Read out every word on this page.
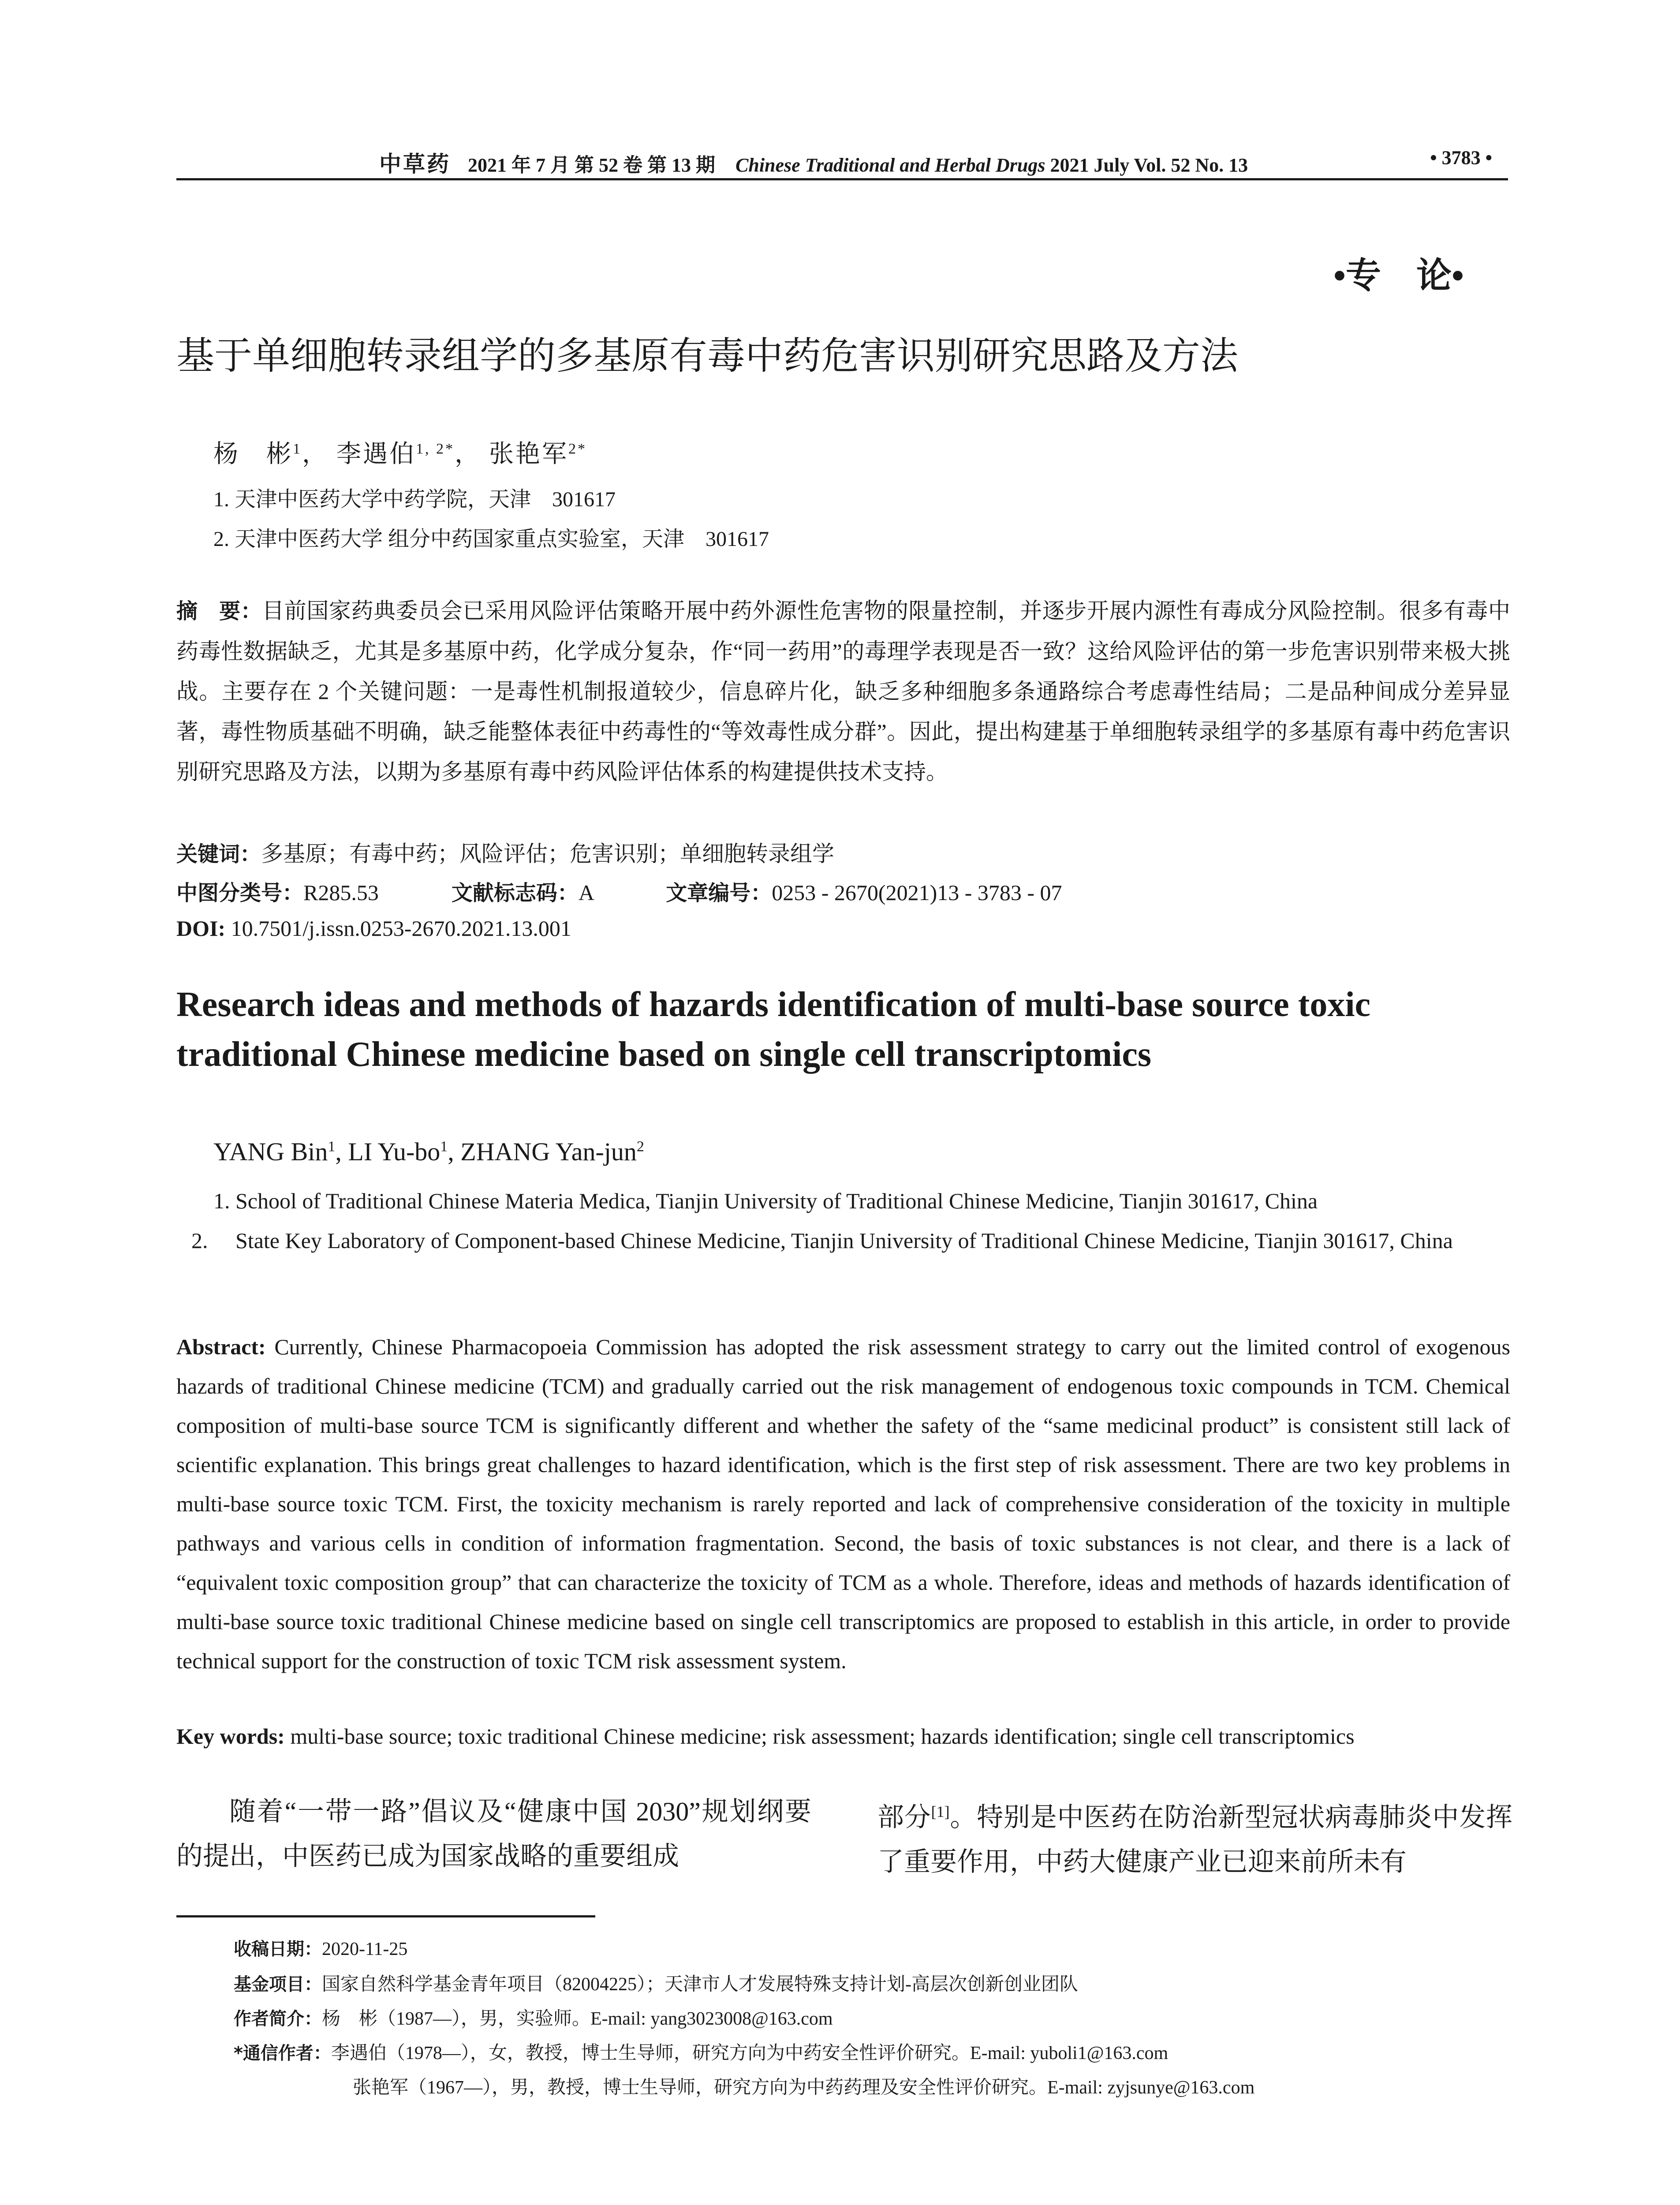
中草药 2021 年 7 月 第 52 卷 第 13 期 Chinese Traditional and Herbal Drugs 2021 July Vol. 52 No. 13	• 3783 •
•专　论•
基于单细胞转录组学的多基原有毒中药危害识别研究思路及方法
杨　彬$^1$， 李遇伯$^{1, 2*}$， 张艳军$^{2*}$
1. 天津中医药大学中药学院，天津　301617
2. 天津中医药大学 组分中药国家重点实验室，天津　301617
摘　要：目前国家药典委员会已采用风险评估策略开展中药外源性危害物的限量控制，并逐步开展内源性有毒成分风险控制。很多有毒中药毒性数据缺乏，尤其是多基原中药，化学成分复杂，作“同一药用”的毒理学表现是否一致？这给风险评估的第一步危害识别带来极大挑战。主要存在 2 个关键问题：一是毒性机制报道较少，信息碎片化，缺乏多种细胞多条通路综合考虑毒性结局；二是品种间成分差异显著，毒性物质基础不明确，缺乏能整体表征中药毒性的“等效毒性成分群”。因此，提出构建基于单细胞转录组学的多基原有毒中药危害识别研究思路及方法，以期为多基原有毒中药风险评估体系的构建提供技术支持。
关键词：多基原；有毒中药；风险评估；危害识别；单细胞转录组学
中图分类号：R285.53	文献标志码：A	文章编号：0253 - 2670(2021)13 - 3783 - 07
DOI: 10.7501/j.issn.0253-2670.2021.13.001
Research ideas and methods of hazards identification of multi-base source toxic traditional Chinese medicine based on single cell transcriptomics
YANG Bin$^1$, LI $Yu-bo^1$, ZHANG Yan-jun$^2$
1. School of Traditional Chinese Materia Medica, Tianjin University of Traditional Chinese Medicine, Tianjin 301617, China
2. State Key Laboratory of Component-based Chinese Medicine, Tianjin University of Traditional Chinese Medicine, Tianjin 301617, China
Abstract: Currently, Chinese Pharmacopoeia Commission has adopted the risk assessment strategy to carry out the limited control of exogenous hazards of traditional Chinese medicine (TCM) and gradually carried out the risk management of endogenous toxic compounds in TCM. Chemical composition of multi-base source TCM is significantly different and whether the safety of the “same medicinal product” is consistent still lack of scientific explanation. This brings great challenges to hazard identification, which is the first step of risk assessment. There are two key problems in multi-base source toxic TCM. First, the toxicity mechanism is rarely reported and lack of comprehensive consideration of the toxicity in multiple pathways and various cells in condition of information fragmentation. Second, the basis of toxic substances is not clear, and there is a lack of “equivalent toxic composition group” that can characterize the toxicity of TCM as a whole. Therefore, ideas and methods of hazards identification of multi-base source toxic traditional Chinese medicine based on single cell transcriptomics are proposed to establish in this article, in order to provide technical support for the construction of toxic TCM risk assessment system.
Key words: multi-base source; toxic traditional Chinese medicine; risk assessment; hazards identification; single cell transcriptomics
随着“一带一路”倡议及“健康中国 2030”规划纲要的提出，中医药已成为国家战略的重要组成
部分[1]。特别是中医药在防治新型冠状病毒肺炎中发挥了重要作用，中药大健康产业已迎来前所未有
收稿日期：2020-11-25
基金项目：国家自然科学基金青年项目（82004225）；天津市人才发展特殊支持计划-高层次创新创业团队
作者简介：杨　彬（1987—），男，实验师。E-mail: yang3023008@163.com
*通信作者：李遇伯（1978—），女，教授，博士生导师，研究方向为中药安全性评价研究。E-mail: yuboli1@163.com
张艳军（1967—），男，教授，博士生导师，研究方向为中药药理及安全性评价研究。E-mail: zyjsunye@163.com
